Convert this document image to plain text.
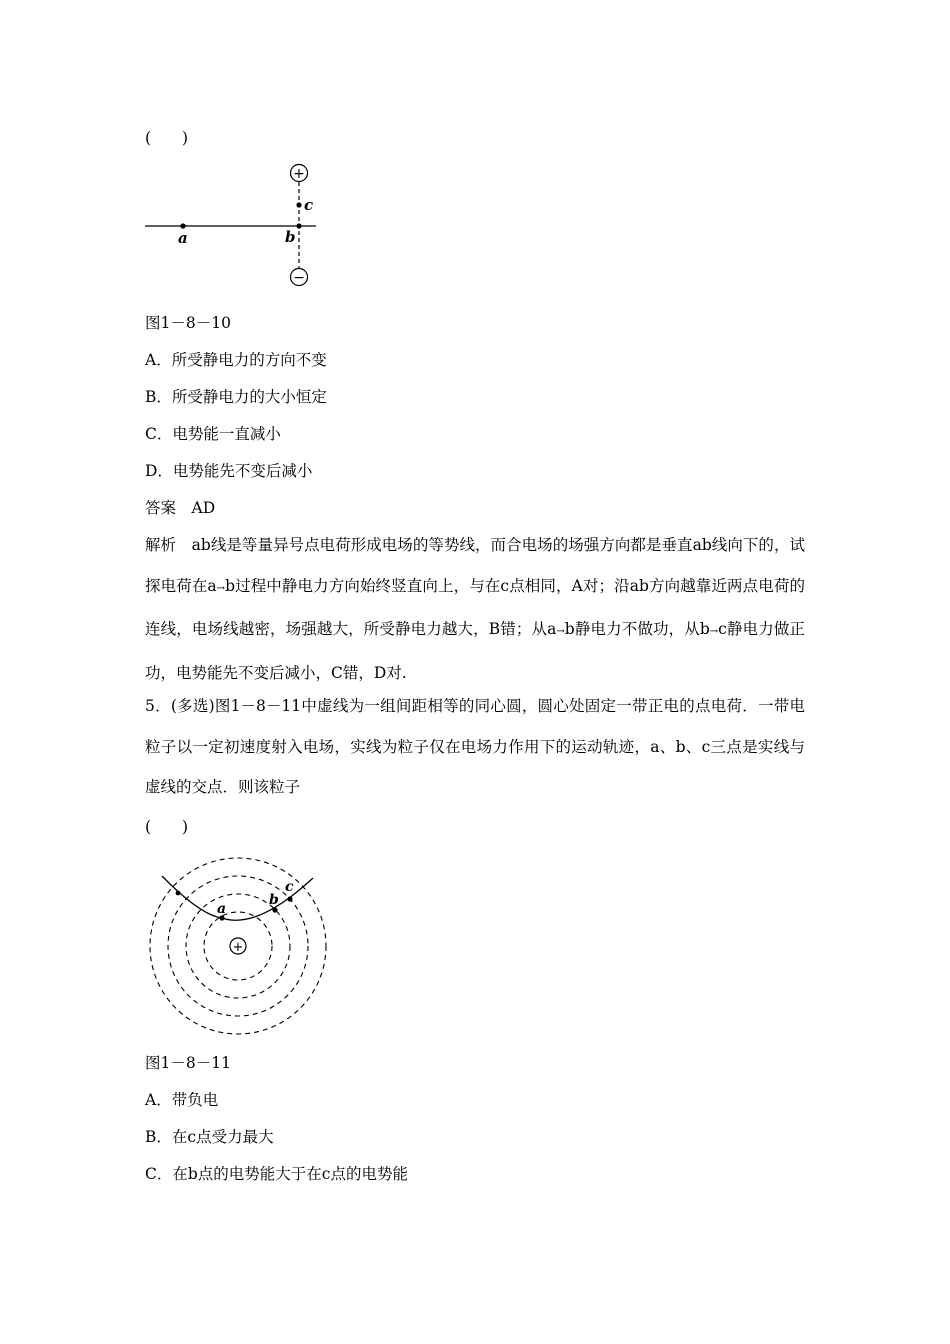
(　　)
+
−
a	b
c
图1－8－10
A．所受静电力的方向不变
B．所受静电力的大小恒定
C．电势能一直减小
D．电势能先不变后减小
答案　AD
解析　ab线是等量异号点电荷形成电场的等势线，而合电场的场强方向都是垂直ab线向下的，试探电荷在a→b过程中静电力方向始终竖直向上，与在c点相同，A对；沿ab方向越靠近两点电荷的连线，电场线越密，场强越大，所受静电力越大，B错；从a→b静电力不做功，从b→c静电力做正功，电势能先不变后减小，C错，D对.
5．(多选)图1－8－11中虚线为一组间距相等的同心圆，圆心处固定一带正电的点电荷．一带电粒子以一定初速度射入电场，实线为粒子仅在电场力作用下的运动轨迹，a、b、c三点是实线与虚线的交点．则该粒子
(　　)
+
a
b
c
图1－8－11
A．带负电
B．在c点受力最大
C．在b点的电势能大于在c点的电势能
